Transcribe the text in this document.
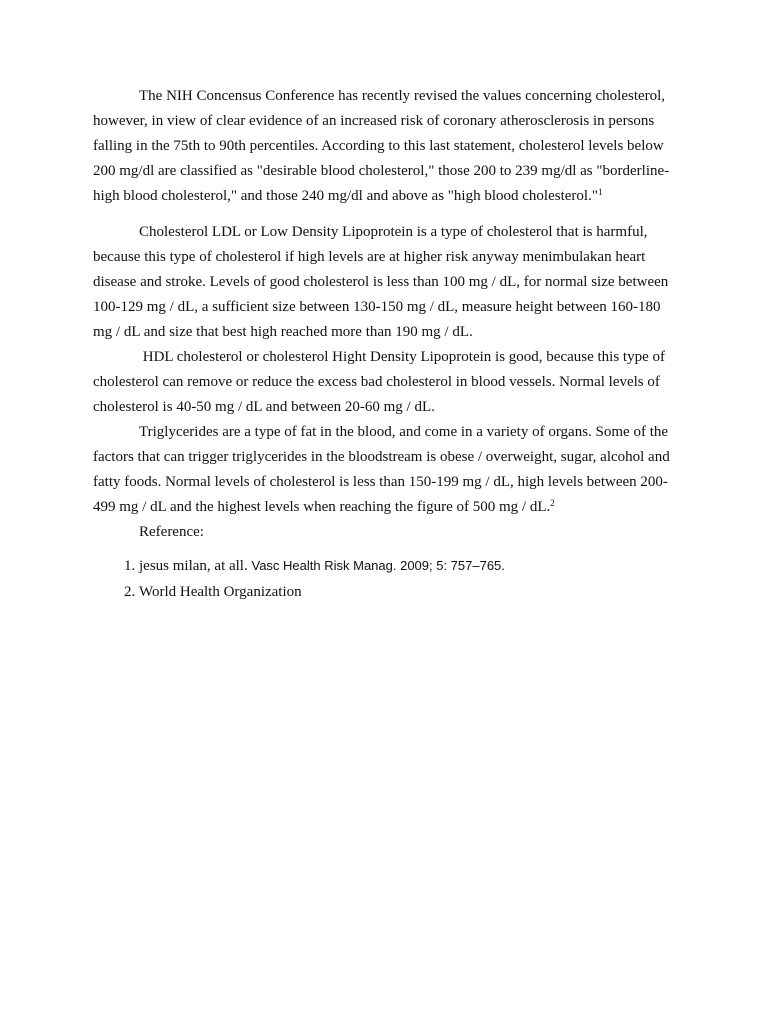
The NIH Concensus Conference has recently revised the values concerning cholesterol, however, in view of clear evidence of an increased risk of coronary atherosclerosis in persons falling in the 75th to 90th percentiles. According to this last statement, cholesterol levels below 200 mg/dl are classified as "desirable blood cholesterol," those 200 to 239 mg/dl as "borderline-high blood cholesterol," and those 240 mg/dl and above as "high blood cholesterol."$^1$

Cholesterol LDL or Low Density Lipoprotein is a type of cholesterol that is harmful, because this type of cholesterol if high levels are at higher risk anyway menimbulakan heart disease and stroke. Levels of good cholesterol is less than 100 mg / dL, for normal size between 100-129 mg / dL, a sufficient size between 130-150 mg / dL, measure height between 160-180 mg / dL and size that best high reached more than 190 mg / dL.

HDL cholesterol or cholesterol Hight Density Lipoprotein is good, because this type of cholesterol can remove or reduce the excess bad cholesterol in blood vessels. Normal levels of cholesterol is 40-50 mg / dL and between 20-60 mg / dL.

Triglycerides are a type of fat in the blood, and come in a variety of organs. Some of the factors that can trigger triglycerides in the bloodstream is obese / overweight, sugar, alcohol and fatty foods. Normal levels of cholesterol is less than 150-199 mg / dL, high levels between 200-499 mg / dL and the highest levels when reaching the figure of 500 mg / dL.$^2$

Reference:

1. jesus milan, at all. Vasc Health Risk Manag. 2009; 5: 757–765.
2. World Health Organization
